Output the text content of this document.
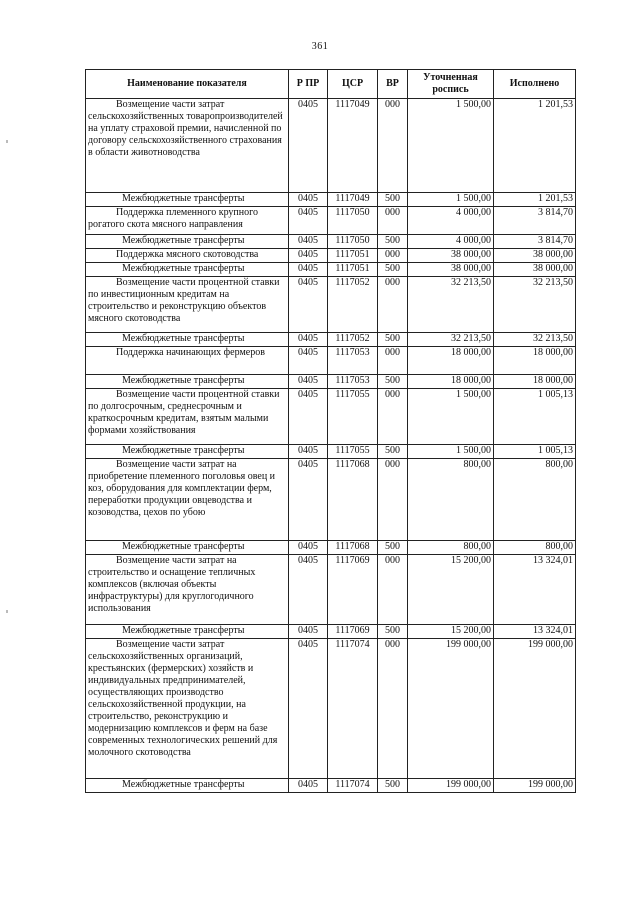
361
Наименование показателя	Р ПР	ЦСР	ВР	Уточненная роспись	Исполнено
Возмещение части затрат сельскохозяйственных товаропроизводителей на уплату страховой премии, начисленной по договору сельскохозяйственного страхования в области животноводства	0405	1117049	000	1 500,00	1 201,53
Межбюджетные трансферты	0405	1117049	500	1 500,00	1 201,53
Поддержка племенного крупного рогатого скота мясного направления	0405	1117050	000	4 000,00	3 814,70
Межбюджетные трансферты	0405	1117050	500	4 000,00	3 814,70
Поддержка мясного скотоводства	0405	1117051	000	38 000,00	38 000,00
Межбюджетные трансферты	0405	1117051	500	38 000,00	38 000,00
Возмещение части процентной ставки по инвестиционным кредитам на строительство и реконструкцию объектов мясного скотоводства	0405	1117052	000	32 213,50	32 213,50
Межбюджетные трансферты	0405	1117052	500	32 213,50	32 213,50
Поддержка начинающих фермеров	0405	1117053	000	18 000,00	18 000,00
Межбюджетные трансферты	0405	1117053	500	18 000,00	18 000,00
Возмещение части процентной ставки по долгосрочным, среднесрочным и краткосрочным кредитам, взятым малыми формами хозяйствования	0405	1117055	000	1 500,00	1 005,13
Межбюджетные трансферты	0405	1117055	500	1 500,00	1 005,13
Возмещение части затрат на приобретение племенного поголовья овец и коз, оборудования для комплектации ферм, переработки продукции овцеводства и козоводства, цехов по убою	0405	1117068	000	800,00	800,00
Межбюджетные трансферты	0405	1117068	500	800,00	800,00
Возмещение части затрат на строительство и оснащение тепличных комплексов (включая объекты инфраструктуры) для круглогодичного использования	0405	1117069	000	15 200,00	13 324,01
Межбюджетные трансферты	0405	1117069	500	15 200,00	13 324,01
Возмещение части затрат сельскохозяйственных организаций, крестьянских (фермерских) хозяйств и индивидуальных предпринимателей, осуществляющих производство сельскохозяйственной продукции, на строительство, реконструкцию и модернизацию комплексов и ферм на базе современных технологических решений для молочного скотоводства	0405	1117074	000	199 000,00	199 000,00
Межбюджетные трансферты	0405	1117074	500	199 000,00	199 000,00
